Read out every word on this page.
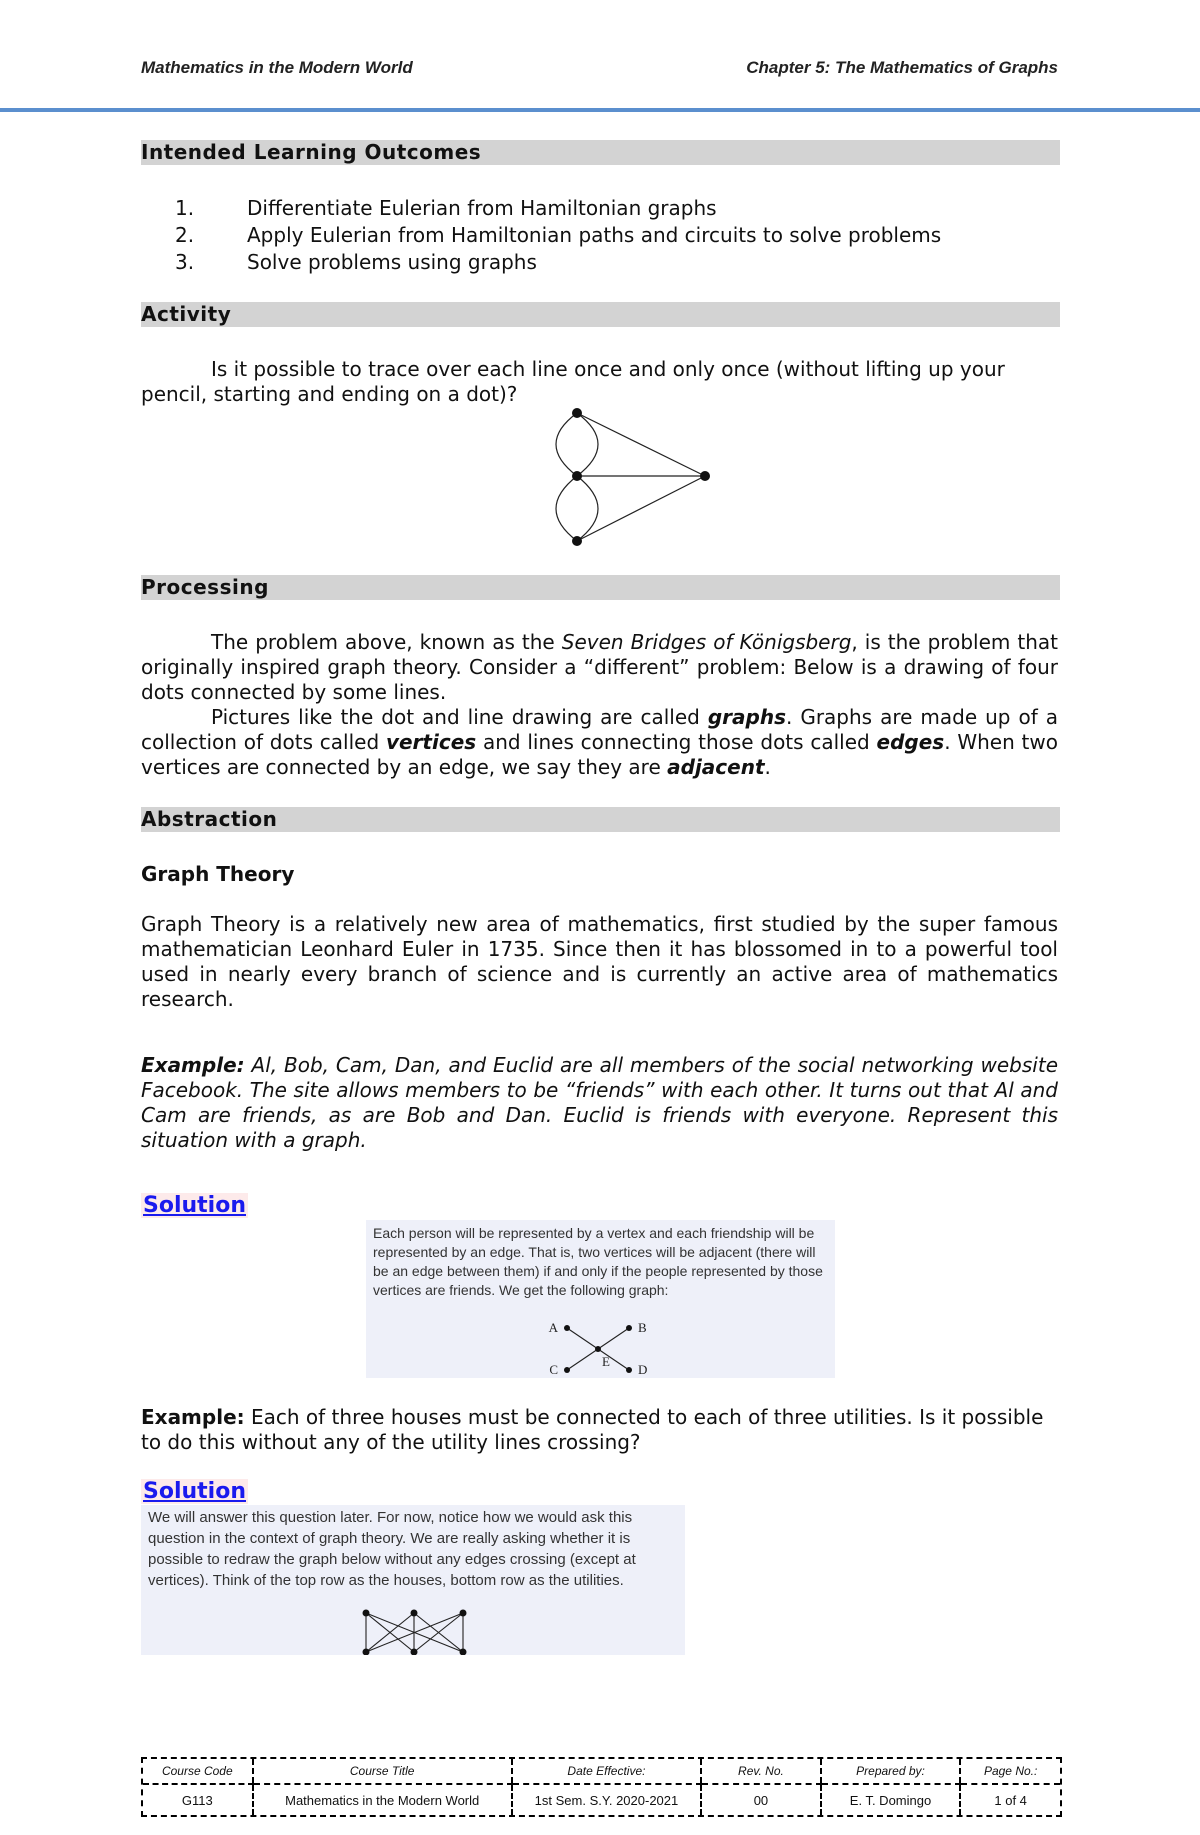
Mathematics in the Modern World	Chapter 5: The Mathematics of Graphs
Intended Learning Outcomes
1.	Differentiate Eulerian from Hamiltonian graphs
2.	Apply Eulerian from Hamiltonian paths and circuits to solve problems
3.	Solve problems using graphs
Activity
Is it possible to trace over each line once and only once (without lifting up your pencil, starting and ending on a dot)?
Processing

The problem above, known as the Seven Bridges of Königsberg, is the problem that originally inspired graph theory. Consider a “different” problem: Below is a drawing of four dots connected by some lines.

Pictures like the dot and line drawing are called graphs. Graphs are made up of a collection of dots called vertices and lines connecting those dots called edges. When two vertices are connected by an edge, we say they are adjacent.

Abstraction
Graph Theory
Graph Theory is a relatively new area of mathematics, first studied by the super famous mathematician Leonhard Euler in 1735. Since then it has blossomed in to a powerful tool used in nearly every branch of science and is currently an active area of mathematics research.
Example: Al, Bob, Cam, Dan, and Euclid are all members of the social networking website Facebook. The site allows members to be “friends” with each other. It turns out that Al and Cam are friends, as are Bob and Dan. Euclid is friends with everyone. Represent this situation with a graph.
Solution
Each person will be represented by a vertex and each friendship will be represented by an edge. That is, two vertices will be adjacent (there will be an edge between them) if and only if the people represented by those vertices are friends. We get the following graph:
A	B
C	D
E
Example: Each of three houses must be connected to each of three utilities. Is it possible to do this without any of the utility lines crossing?
Solution
We will answer this question later. For now, notice how we would ask this question in the context of graph theory. We are really asking whether it is possible to redraw the graph below without any edges crossing (except at vertices). Think of the top row as the houses, bottom row as the utilities.
Course Code	Course Title	Date Effective:	Rev. No.	Prepared by:	Page No.:
G113	Mathematics in the Modern World	1st Sem. S.Y. 2020-2021	00	E. T. Domingo	1 of 4
